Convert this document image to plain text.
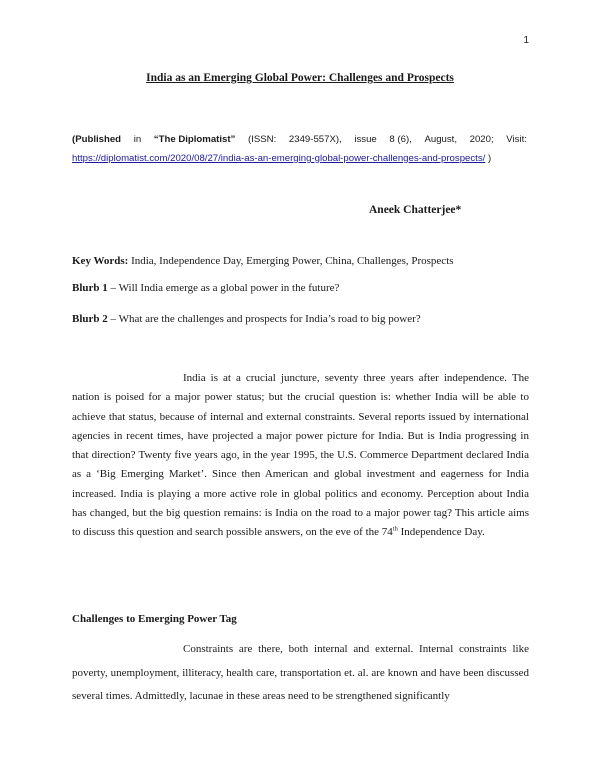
1
India as an Emerging Global Power: Challenges and Prospects
(Published in “The Diplomatist” (ISSN: 2349-557X), issue 8 (6), August, 2020; Visit:
https://diplomatist.com/2020/08/27/india-as-an-emerging-global-power-challenges-and-prospects/ )
Aneek Chatterjee*
Key Words: India, Independence Day, Emerging Power, China, Challenges, Prospects
Blurb 1 – Will India emerge as a global power in the future?
Blurb 2 – What are the challenges and prospects for India’s road to big power?
India is at a crucial juncture, seventy three years after independence. The nation is poised for a major power status; but the crucial question is: whether India will be able to achieve that status, because of internal and external constraints. Several reports issued by international agencies in recent times, have projected a major power picture for India. But is India progressing in that direction? Twenty five years ago, in the year 1995, the U.S. Commerce Department declared India as a ‘Big Emerging Market’. Since then American and global investment and eagerness for India increased. India is playing a more active role in global politics and economy. Perception about India has changed, but the big question remains: is India on the road to a major power tag? This article aims to discuss this question and search possible answers, on the eve of the 74th Independence Day.
Challenges to Emerging Power Tag
Constraints are there, both internal and external. Internal constraints like poverty, unemployment, illiteracy, health care, transportation et. al. are known and have been discussed several times. Admittedly, lacunae in these areas need to be strengthened significantly
